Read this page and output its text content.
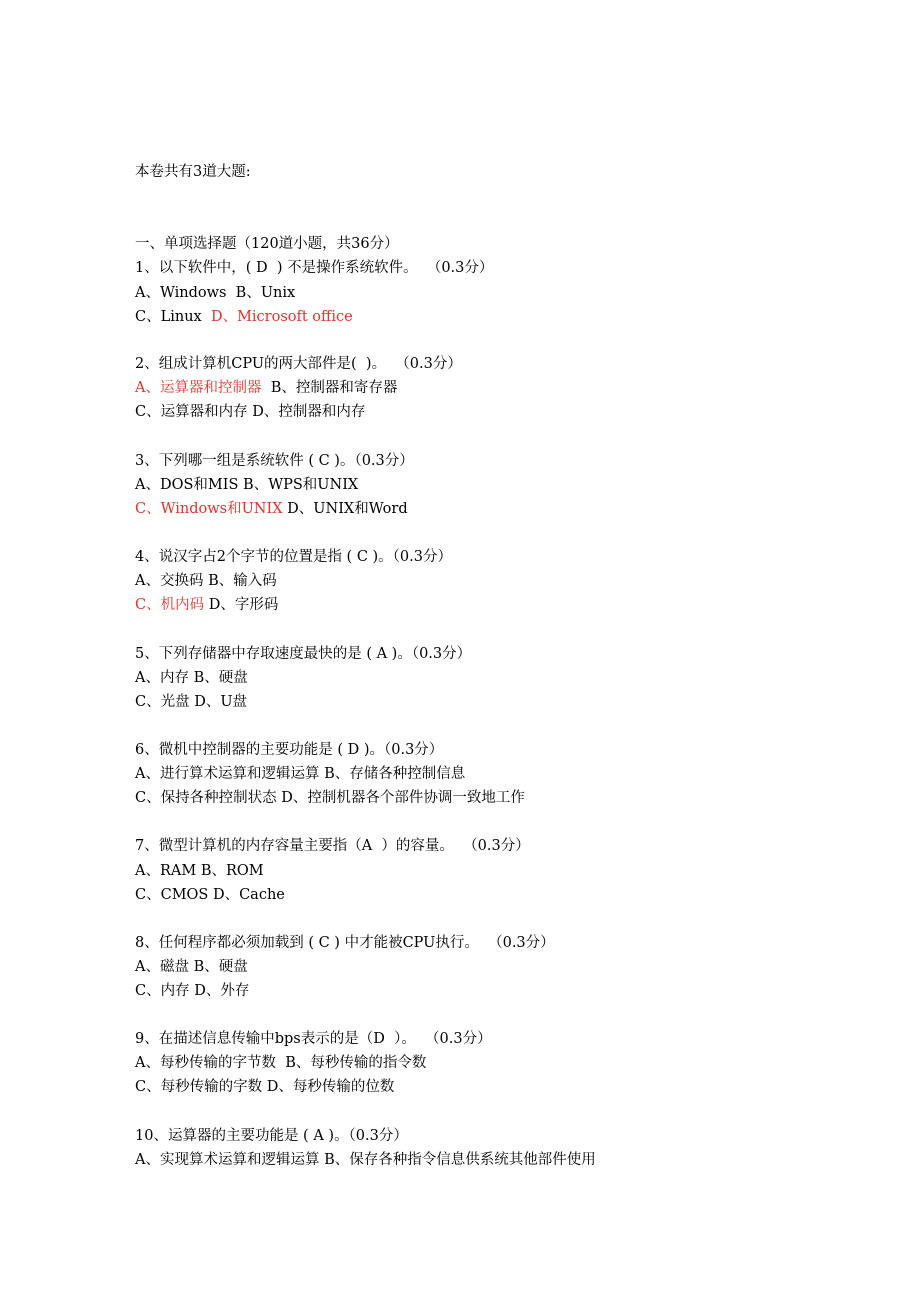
本卷共有3道大题:
一、单项选择题（120道小题，共36分）
1、以下软件中，( D  ) 不是操作系统软件。  （0.3分）
A、Windows  B、Unix
C、Linux  D、Microsoft office
2、组成计算机CPU的两大部件是(  )。  （0.3分）
A、运算器和控制器  B、控制器和寄存器
C、运算器和内存 D、控制器和内存
3、下列哪一组是系统软件 ( C )。（0.3分）
A、DOS和MIS B、WPS和UNIX
C、Windows和UNIX D、UNIX和Word
4、说汉字占2个字节的位置是指 ( C )。（0.3分）
A、交换码 B、输入码
C、机内码 D、字形码
5、下列存储器中存取速度最快的是 ( A )。（0.3分）
A、内存 B、硬盘
C、光盘 D、U盘
6、微机中控制器的主要功能是 ( D )。（0.3分）
A、进行算术运算和逻辑运算 B、存储各种控制信息
C、保持各种控制状态 D、控制机器各个部件协调一致地工作
7、微型计算机的内存容量主要指（A  ）的容量。  （0.3分）
A、RAM B、ROM
C、CMOS D、Cache
8、任何程序都必须加载到 ( C ) 中才能被CPU执行。  （0.3分）
A、磁盘 B、硬盘
C、内存 D、外存
9、在描述信息传输中bps表示的是（D  ）。  （0.3分）
A、每秒传输的字节数  B、每秒传输的指令数
C、每秒传输的字数 D、每秒传输的位数
10、运算器的主要功能是 ( A )。（0.3分）
A、实现算术运算和逻辑运算 B、保存各种指令信息供系统其他部件使用
